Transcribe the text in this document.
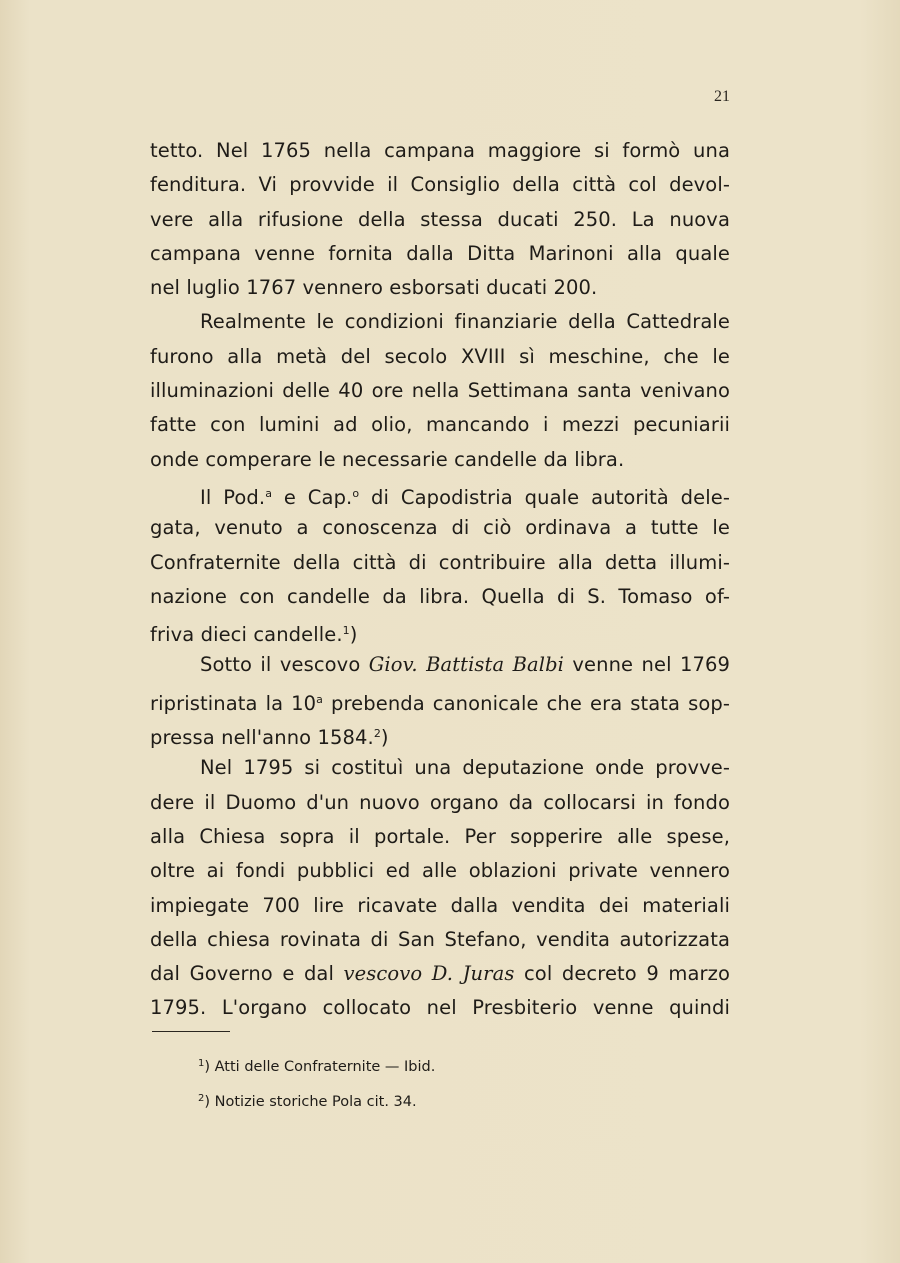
21
tetto. Nel 1765 nella campana maggiore si formò una
fenditura. Vi provvide il Consiglio della città col devol-
vere alla rifusione della stessa ducati 250. La nuova
campana venne fornita dalla Ditta Marinoni alla quale
nel luglio 1767 vennero esborsati ducati 200.
Realmente le condizioni finanziarie della Cattedrale
furono alla metà del secolo XVIII sì meschine, che le
illuminazioni delle 40 ore nella Settimana santa venivano
fatte con lumini ad olio, mancando i mezzi pecuniarii
onde comperare le necessarie candelle da libra.
Il Pod.$^a$ e Cap.$^o$ di Capodistria quale autorità dele-
gata, venuto a conoscenza di ciò ordinava a tutte le
Confraternite della città di contribuire alla detta illumi-
nazione con candelle da libra. Quella di S. Tomaso of-
friva dieci candelle.$^1$)
Sotto il vescovo Giov. Battista Balbi venne nel 1769
ripristinata la 10$^a$ prebenda canonicale che era stata sop-
pressa nell'anno 1584.$^2$)
Nel 1795 si costituì una deputazione onde provve-
dere il Duomo d'un nuovo organo da collocarsi in fondo
alla Chiesa sopra il portale. Per sopperire alle spese,
oltre ai fondi pubblici ed alle oblazioni private vennero
impiegate 700 lire ricavate dalla vendita dei materiali
della chiesa rovinata di San Stefano, vendita autorizzata
dal Governo e dal vescovo D. Juras col decreto 9 marzo
1795. L'organo collocato nel Presbiterio venne quindi
$^1$) Atti delle Confraternite — Ibid.
$^2$) Notizie storiche Pola cit. 34.
